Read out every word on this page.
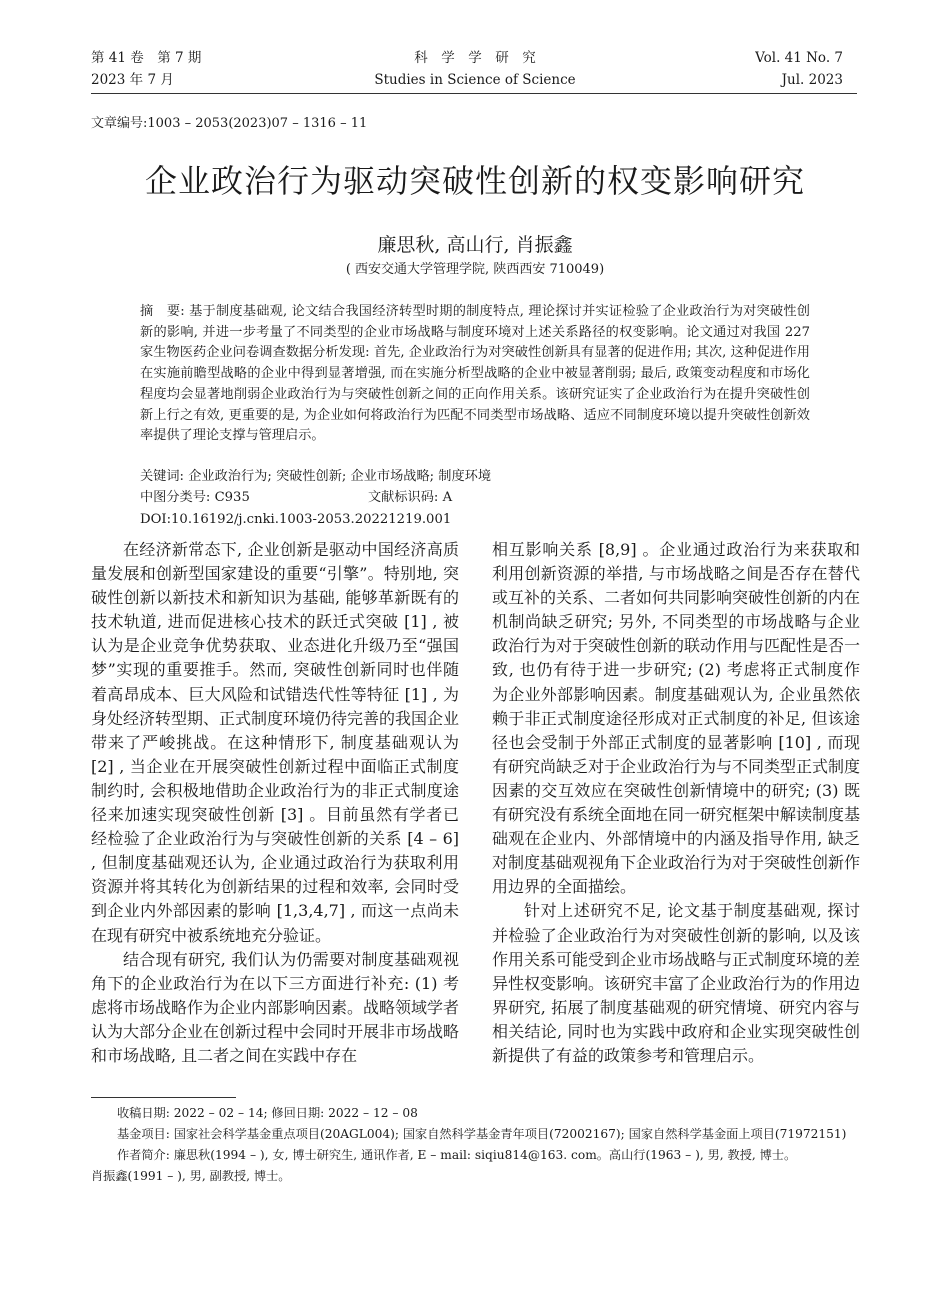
第 41 卷　第 7 期
2023 年 7 月
科　学　学　研　究
Studies in Science of Science
Vol. 41 No. 7
Jul. 2023
文章编号:1003 – 2053(2023)07 – 1316 – 11
企业政治行为驱动突破性创新的权变影响研究
廉思秋, 高山行, 肖振鑫
( 西安交通大学管理学院, 陕西西安 710049)
摘　要: 基于制度基础观, 论文结合我国经济转型时期的制度特点, 理论探讨并实证检验了企业政治行为对突破性创新的影响, 并进一步考量了不同类型的企业市场战略与制度环境对上述关系路径的权变影响。论文通过对我国 227 家生物医药企业问卷调查数据分析发现: 首先, 企业政治行为对突破性创新具有显著的促进作用; 其次, 这种促进作用在实施前瞻型战略的企业中得到显著增强, 而在实施分析型战略的企业中被显著削弱; 最后, 政策变动程度和市场化程度均会显著地削弱企业政治行为与突破性创新之间的正向作用关系。该研究证实了企业政治行为在提升突破性创新上行之有效, 更重要的是, 为企业如何将政治行为匹配不同类型市场战略、适应不同制度环境以提升突破性创新效率提供了理论支撑与管理启示。
关键词: 企业政治行为; 突破性创新; 企业市场战略; 制度环境
中图分类号: C935	文献标识码: A
DOI:10.16192/j.cnki.1003-2053.20221219.001

在经济新常态下, 企业创新是驱动中国经济高质量发展和创新型国家建设的重要“引擎”。特别地, 突破性创新以新技术和新知识为基础, 能够革新既有的技术轨道, 进而促进核心技术的跃迁式突破 [1] , 被认为是企业竞争优势获取、业态进化升级乃至“强国梦”实现的重要推手。然而, 突破性创新同时也伴随着高昂成本、巨大风险和试错迭代性等特征 [1] , 为身处经济转型期、正式制度环境仍待完善的我国企业带来了严峻挑战。在这种情形下, 制度基础观认为 [2] , 当企业在开展突破性创新过程中面临正式制度制约时, 会积极地借助企业政治行为的非正式制度途径来加速实现突破性创新 [3] 。目前虽然有学者已经检验了企业政治行为与突破性创新的关系 [4 – 6] , 但制度基础观还认为, 企业通过政治行为获取利用资源并将其转化为创新结果的过程和效率, 会同时受到企业内外部因素的影响 [1,3,4,7] , 而这一点尚未在现有研究中被系统地充分验证。

结合现有研究, 我们认为仍需要对制度基础观视角下的企业政治行为在以下三方面进行补充: (1) 考虑将市场战略作为企业内部影响因素。战略领域学者认为大部分企业在创新过程中会同时开展非市场战略和市场战略, 且二者之间在实践中存在

相互影响关系 [8,9] 。企业通过政治行为来获取和利用创新资源的举措, 与市场战略之间是否存在替代或互补的关系、二者如何共同影响突破性创新的内在机制尚缺乏研究; 另外, 不同类型的市场战略与企业政治行为对于突破性创新的联动作用与匹配性是否一致, 也仍有待于进一步研究; (2) 考虑将正式制度作为企业外部影响因素。制度基础观认为, 企业虽然依赖于非正式制度途径形成对正式制度的补足, 但该途径也会受制于外部正式制度的显著影响 [10] , 而现有研究尚缺乏对于企业政治行为与不同类型正式制度因素的交互效应在突破性创新情境中的研究; (3) 既有研究没有系统全面地在同一研究框架中解读制度基础观在企业内、外部情境中的内涵及指导作用, 缺乏对制度基础观视角下企业政治行为对于突破性创新作用边界的全面描绘。

针对上述研究不足, 论文基于制度基础观, 探讨并检验了企业政治行为对突破性创新的影响, 以及该作用关系可能受到企业市场战略与正式制度环境的差异性权变影响。该研究丰富了企业政治行为的作用边界研究, 拓展了制度基础观的研究情境、研究内容与相关结论, 同时也为实践中政府和企业实现突破性创新提供了有益的政策参考和管理启示。

收稿日期: 2022 – 02 – 14; 修回日期: 2022 – 12 – 08
基金项目: 国家社会科学基金重点项目(20AGL004); 国家自然科学基金青年项目(72002167); 国家自然科学基金面上项目(71972151)
作者简介: 廉思秋(1994 – ), 女, 博士研究生, 通讯作者, E – mail: siqiu814@163. com。高山行(1963 – ), 男, 教授, 博士。
肖振鑫(1991 – ), 男, 副教授, 博士。
